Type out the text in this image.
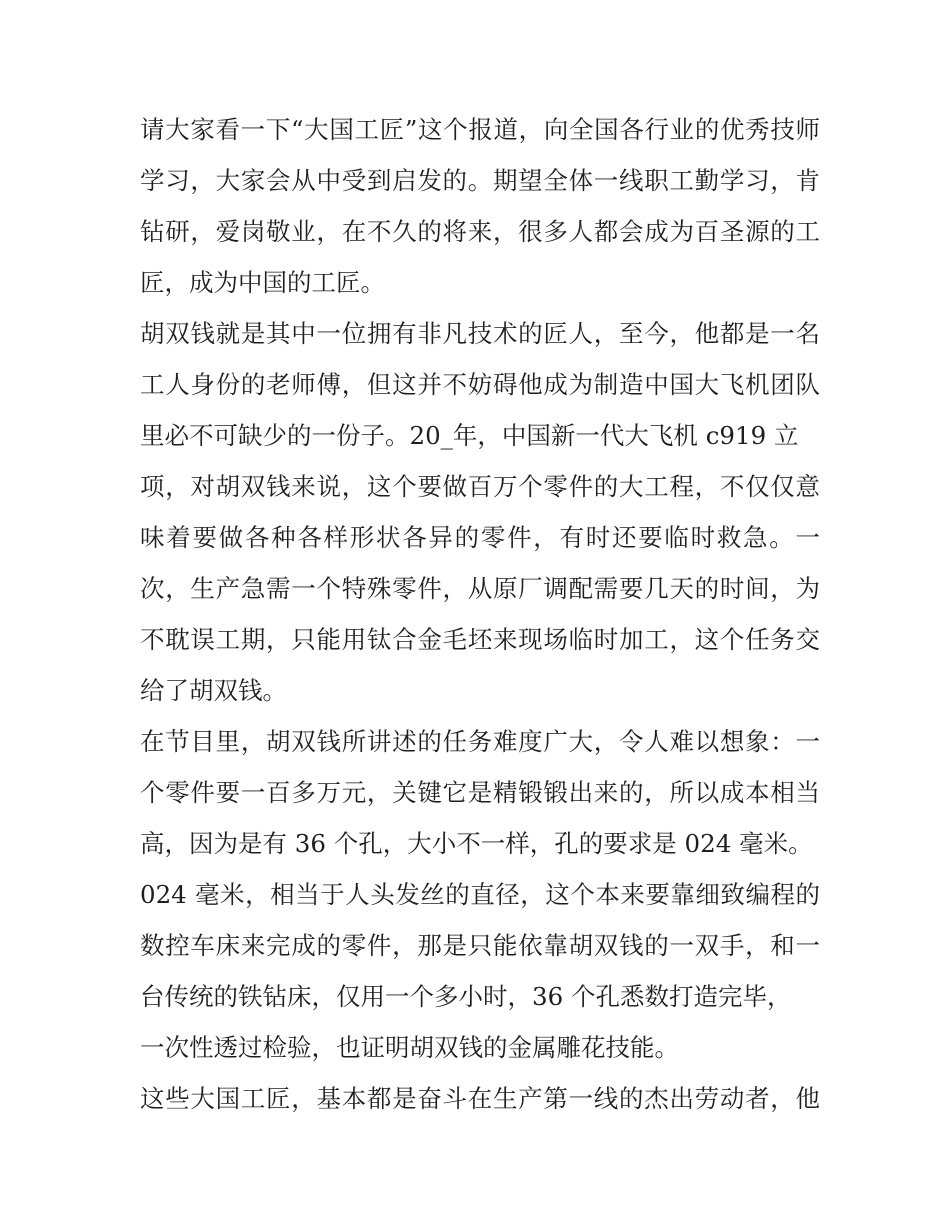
请大家看一下“大国工匠”这个报道，向全国各行业的优秀技师
学习，大家会从中受到启发的。期望全体一线职工勤学习，肯
钻研，爱岗敬业，在不久的将来，很多人都会成为百圣源的工
匠，成为中国的工匠。
胡双钱就是其中一位拥有非凡技术的匠人，至今，他都是一名
工人身份的老师傅，但这并不妨碍他成为制造中国大飞机团队
里必不可缺少的一份子。20_年，中国新一代大飞机 c919 立
项，对胡双钱来说，这个要做百万个零件的大工程，不仅仅意
味着要做各种各样形状各异的零件，有时还要临时救急。一
次，生产急需一个特殊零件，从原厂调配需要几天的时间，为
不耽误工期，只能用钛合金毛坯来现场临时加工，这个任务交
给了胡双钱。
在节目里，胡双钱所讲述的任务难度广大，令人难以想象：一
个零件要一百多万元，关键它是精锻锻出来的，所以成本相当
高，因为是有 36 个孔，大小不一样，孔的要求是 024 毫米。
024 毫米，相当于人头发丝的直径，这个本来要靠细致编程的
数控车床来完成的零件，那是只能依靠胡双钱的一双手，和一
台传统的铁钻床，仅用一个多小时，36 个孔悉数打造完毕，
一次性透过检验，也证明胡双钱的金属雕花技能。
这些大国工匠，基本都是奋斗在生产第一线的杰出劳动者，他
